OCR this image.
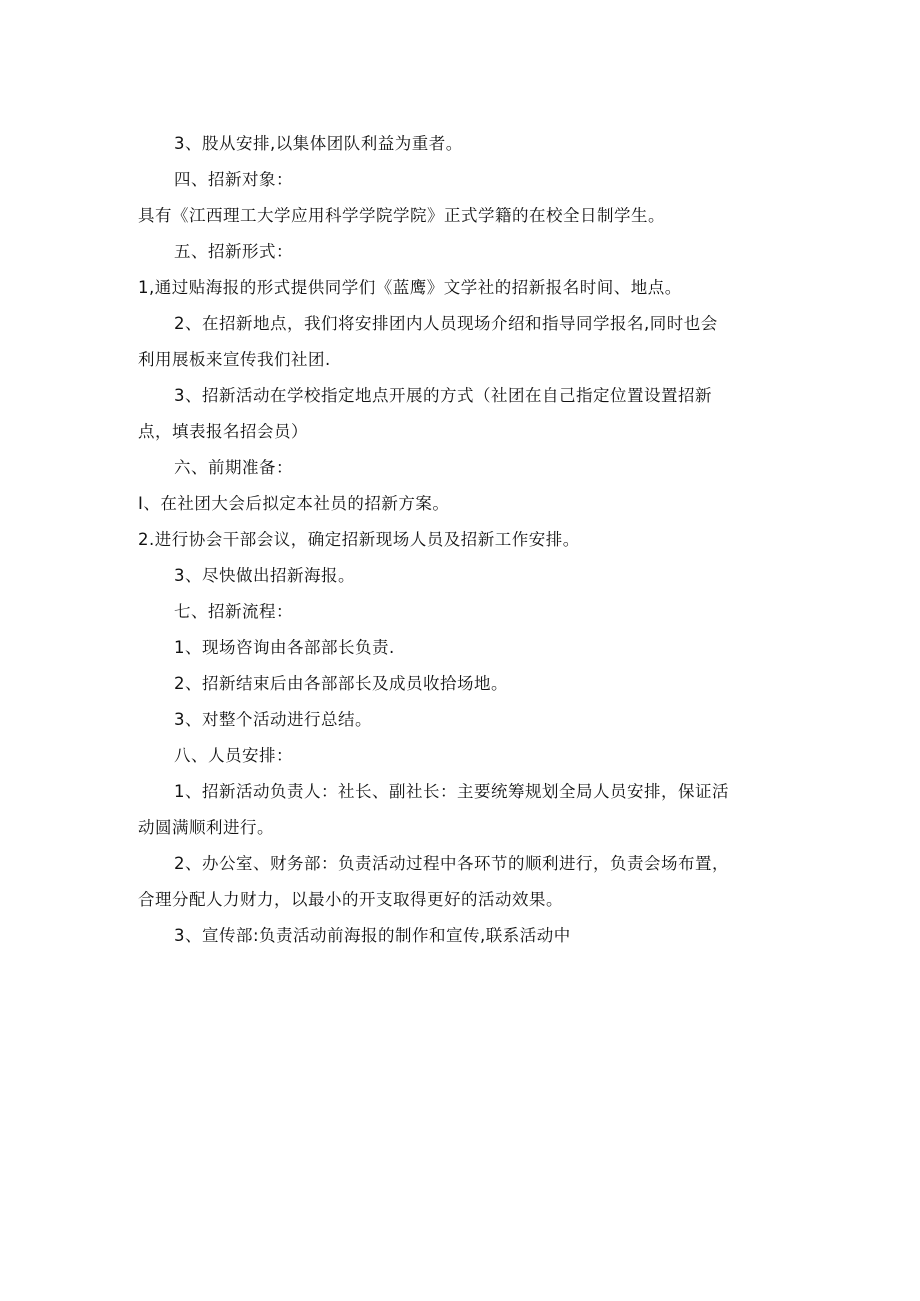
3、股从安排,以集体团队利益为重者。

四、招新对象：

具有《江西理工大学应用科学学院学院》正式学籍的在校全日制学生。

五、招新形式：

1,通过贴海报的形式提供同学们《蓝鹰》文学社的招新报名时间、地点。

2、在招新地点，我们将安排团内人员现场介绍和指导同学报名,同时也会

利用展板来宣传我们社团.

3、招新活动在学校指定地点开展的方式（社团在自己指定位置设置招新

点，填表报名招会员）

六、前期准备：

I、在社团大会后拟定本社员的招新方案。

2.进行协会干部会议，确定招新现场人员及招新工作安排。

3、尽快做出招新海报。

七、招新流程：

1、现场咨询由各部部长负责.

2、招新结束后由各部部长及成员收拾场地。

3、对整个活动进行总结。

八、人员安排：

1、招新活动负责人：社长、副社长：主要统筹规划全局人员安排，保证活

动圆满顺利进行。

2、办公室、财务部：负责活动过程中各环节的顺利进行，负责会场布置，

合理分配人力财力，以最小的开支取得更好的活动效果。

3、宣传部:负责活动前海报的制作和宣传,联系活动中
